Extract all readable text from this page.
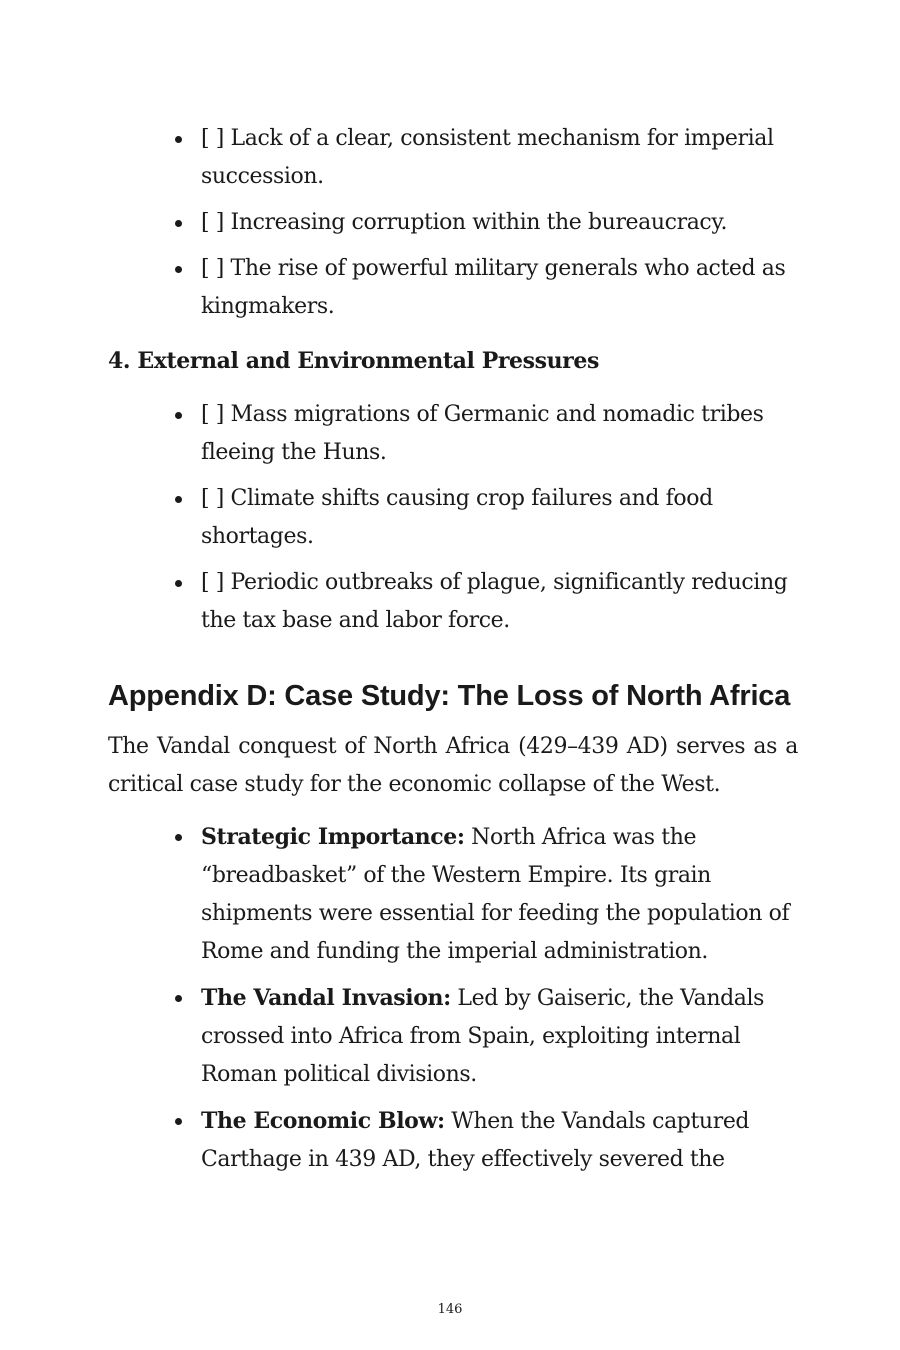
[ ] Lack of a clear, consistent mechanism for imperial succession.
[ ] Increasing corruption within the bureaucracy.
[ ] The rise of powerful military generals who acted as kingmakers.
4. External and Environmental Pressures
[ ] Mass migrations of Germanic and nomadic tribes fleeing the Huns.
[ ] Climate shifts causing crop failures and food shortages.
[ ] Periodic outbreaks of plague, significantly reducing the tax base and labor force.
Appendix D: Case Study: The Loss of North Africa

The Vandal conquest of North Africa (429–439 AD) serves as a critical case study for the economic collapse of the West.

Strategic Importance: North Africa was the “breadbasket” of the Western Empire. Its grain shipments were essential for feeding the population of Rome and funding the imperial administration.
The Vandal Invasion: Led by Gaiseric, the Vandals crossed into Africa from Spain, exploiting internal Roman political divisions.
The Economic Blow: When the Vandals captured Carthage in 439 AD, they effectively severed the
146
